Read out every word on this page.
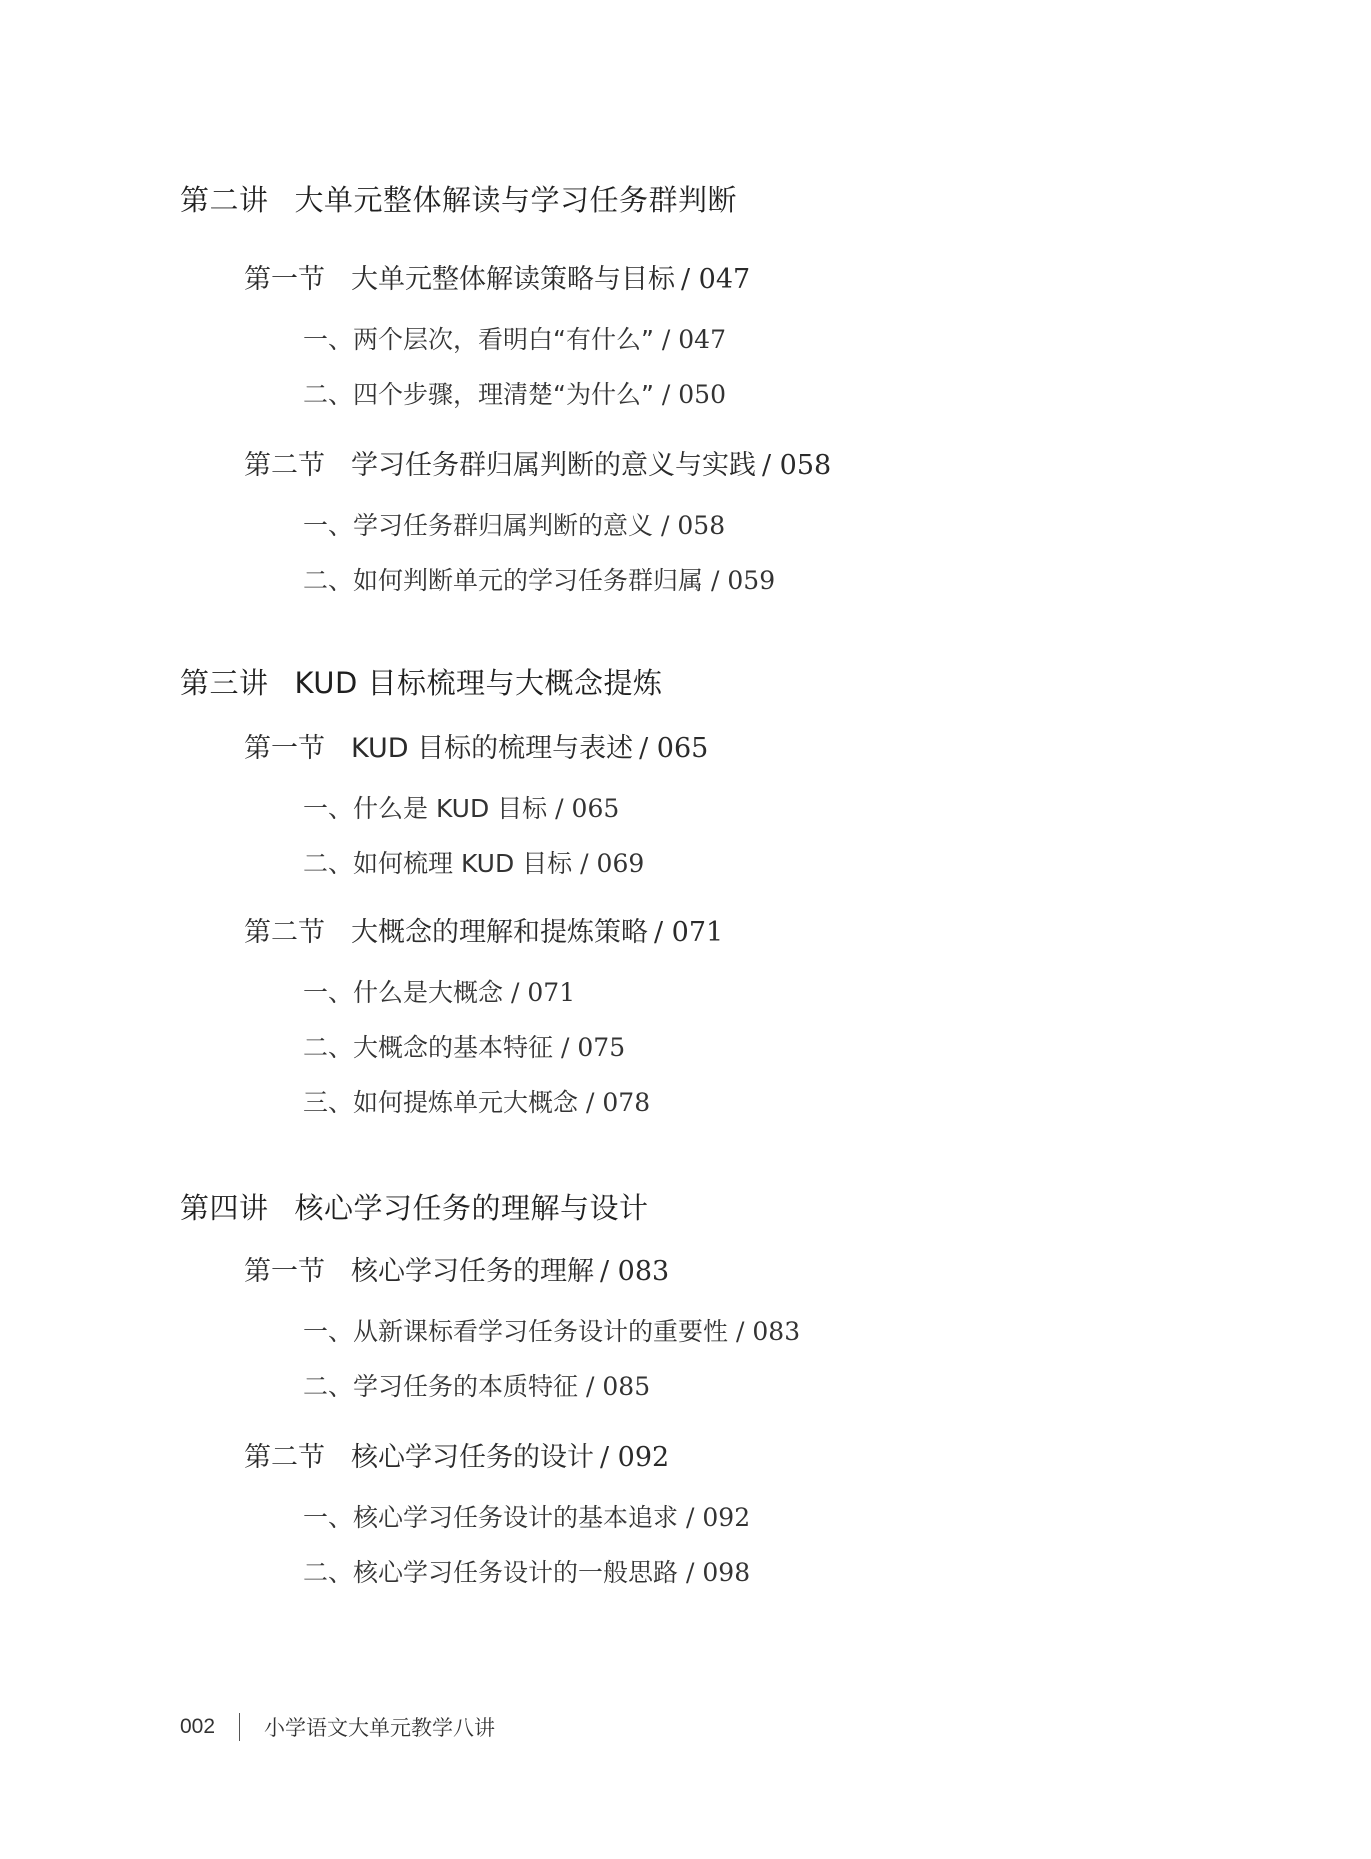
第二讲 大单元整体解读与学习任务群判断
第一节 大单元整体解读策略与目标 / 047
一、两个层次，看明白“有什么” / 047
二、四个步骤，理清楚“为什么” / 050
第二节 学习任务群归属判断的意义与实践 / 058
一、学习任务群归属判断的意义 / 058
二、如何判断单元的学习任务群归属 / 059
第三讲 KUD 目标梳理与大概念提炼
第一节 KUD 目标的梳理与表述 / 065
一、什么是 KUD 目标 / 065
二、如何梳理 KUD 目标 / 069
第二节 大概念的理解和提炼策略 / 071
一、什么是大概念 / 071
二、大概念的基本特征 / 075
三、如何提炼单元大概念 / 078
第四讲 核心学习任务的理解与设计
第一节 核心学习任务的理解 / 083
一、从新课标看学习任务设计的重要性 / 083
二、学习任务的本质特征 / 085
第二节 核心学习任务的设计 / 092
一、核心学习任务设计的基本追求 / 092
二、核心学习任务设计的一般思路 / 098
002 小学语文大单元教学八讲
